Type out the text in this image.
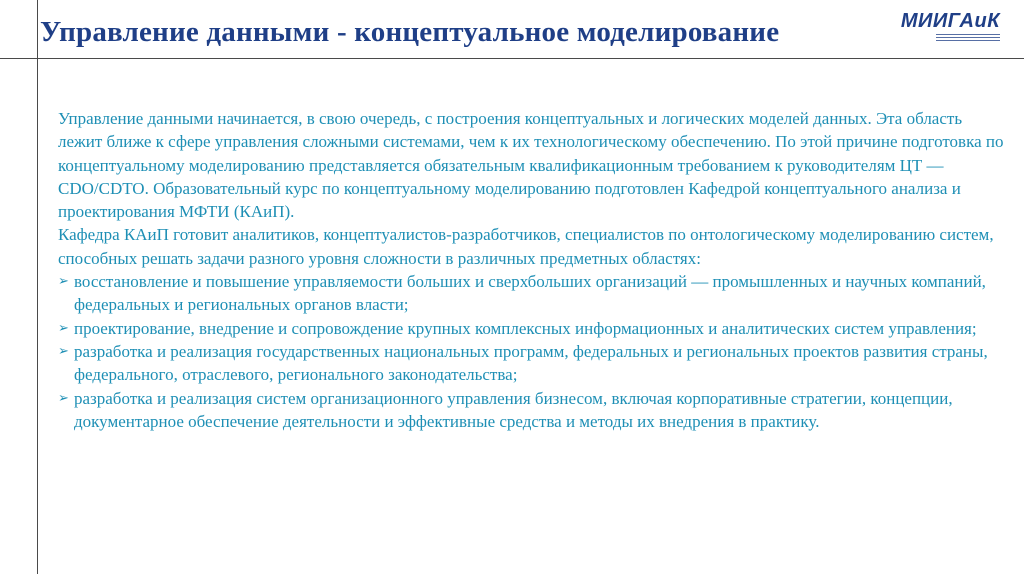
Управление данными - концептуальное моделирование	МИИГАиК

Управление данными начинается, в свою очередь, с построения концептуальных и логических моделей данных. Эта область лежит ближе к сфере управления сложными системами, чем к их технологическому обеспечению. По этой причине подготовка по концептуальному моделированию представляется обязательным квалификационным требованием к руководителям ЦТ — CDO/CDTO. Образовательный курс по концептуальному моделированию подготовлен Кафедрой концептуального анализа и проектирования МФТИ (КАиП).

Кафедра КАиП готовит аналитиков, концептуалистов-разработчиков, специалистов по онтологическому моделированию систем, способных решать задачи разного уровня сложности в различных предметных областях:

➢ восстановление и повышение управляемости больших и сверхбольших организаций — промышленных и научных компаний, федеральных и региональных органов власти;
➢ проектирование, внедрение и сопровождение крупных комплексных информационных и аналитических систем управления;
➢ разработка и реализация государственных национальных программ, федеральных и региональных проектов развития страны, федерального, отраслевого, регионального законодательства;
➢ разработка и реализация систем организационного управления бизнесом, включая корпоративные стратегии, концепции, документарное обеспечение деятельности и эффективные средства и методы их внедрения в практику.
